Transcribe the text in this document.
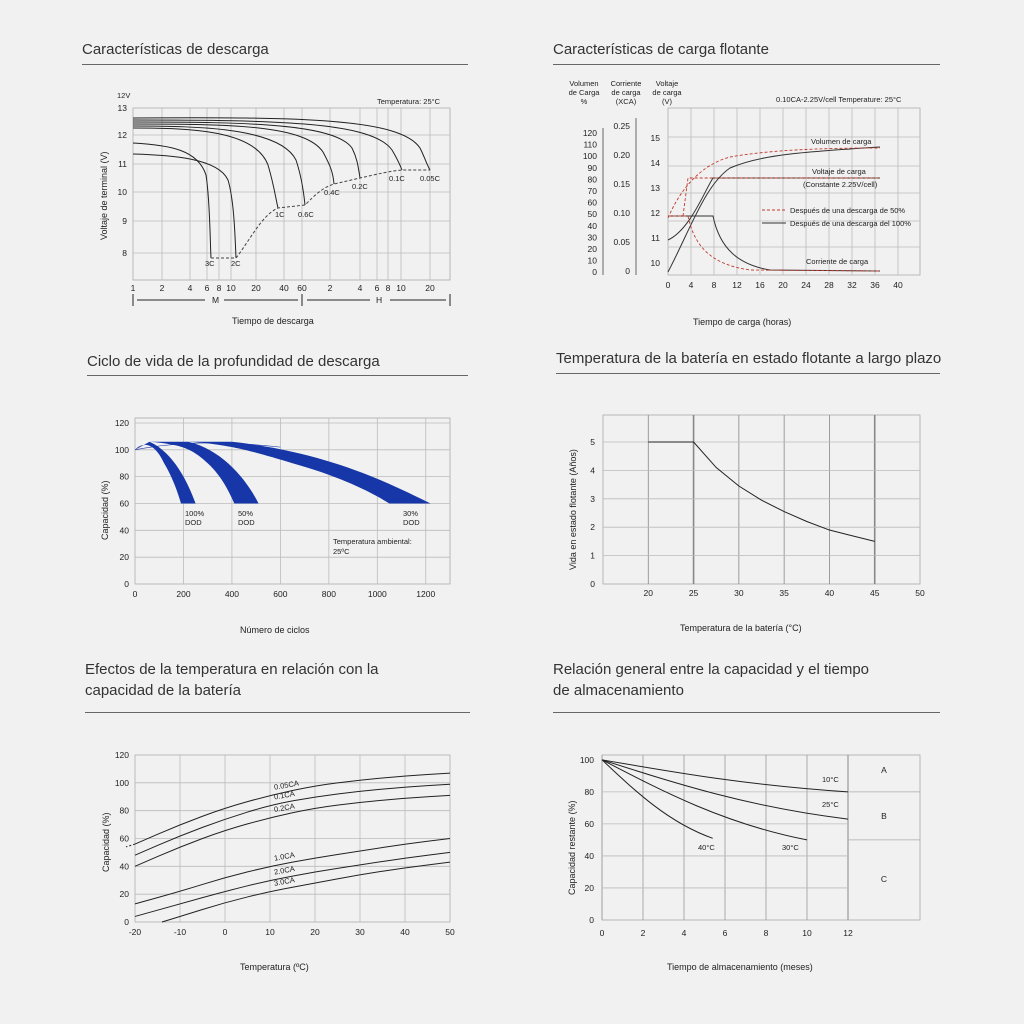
Características de descarga	Características de carga flotante
Ciclo de vida de la profundidad de descarga	Temperatura de la batería en estado flotante a largo plazo
Efectos de la temperatura en relación con la
capacidad de la batería
Relación general entre la capacidad y el tiempo
de almacenamiento
13
12
11
10
9
8
1	2	4 6 8 10 20 40 60 2	4 6 8 10 20
12V
Temperatura: 25°C
Voltaje de terminal (V)
Tiempo de descarga
M	H
3C 2C
1C 0.6C
0.4C
0.2C
0.1C 0.05C
0 4 8 12 16 20 24 28 32 36 40
120
110
100
90
80
70
60
50
40
30
20
10
0
0.25
0.20
0.15
0.10
0.05
0
15
14
13
12
11
10
Volumen
de Carga
%
Corriente
de carga
(XCA)
Voltaje
de carga
(V)	0.10CA-2.25V/cell Temperature: 25°C
Volumen de carga
Voltaje de carga
(Constante 2.25V/cell)
Corriente de carga
Después de una descarga de 50%
Después de una descarga del 100%
Tiempo de carga (horas)
0	200	400	600	800	1000	1200
0
20
40
60
80
100
120
100%
DOD
50%
DOD
30%
DOD
Capacidad (%)
Número de ciclos
Temperatura ambiental:
25ºC
20	25	30	35	40	45	50
0
1
2
3
4
5
Vida en estado flotante (Años)
Temperatura de la batería (°C)
-20	-10	0	10	20	30	40	50
0
20
40
60
80
100
120
0.05CA
0.1CA
0.2CA
1.0CA
2.0CA
3.0CA
Capacidad (%)
Temperatura (ºC)
0	2	4	6	8	10	12
0
20
40
60
80
100
A
B
C
10°C
25°C
30°C
40°C
Capacidad restante (%)
Tiempo de almacenamiento (meses)
